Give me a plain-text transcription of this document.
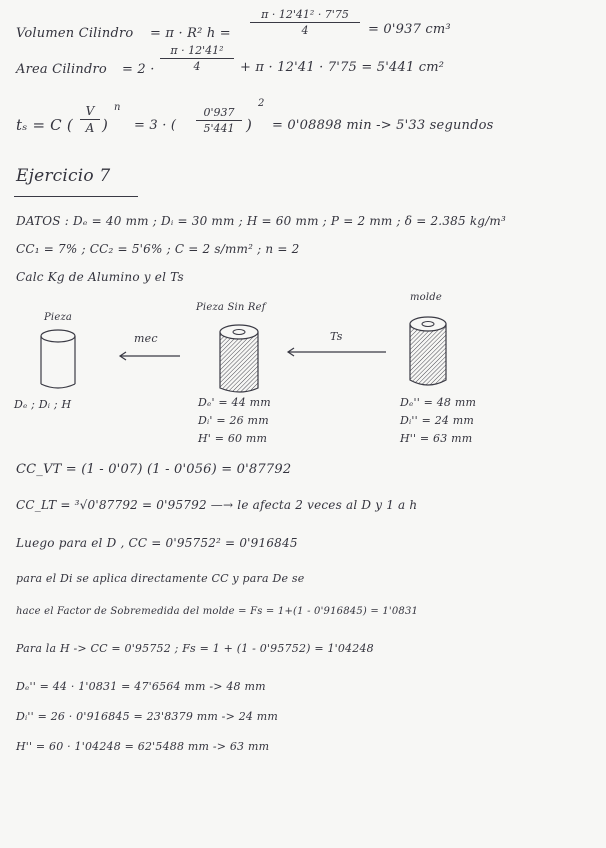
Volumen Cilindro = π · R² h =
π · 12'41² · 7'75
4	= 0'937 cm³
Area Cilindro = 2 ·
π · 12'41²
4	+ π · 12'41 · 7'75 = 5'441 cm²
tₛ = C (
V
A )
n
= 3 · (
0'937
5'441 )
2
= 0'08898 min -> 5'33 segundos
Ejercicio 7
DATOS : Dₑ = 40 mm ; Dᵢ = 30 mm ; H = 60 mm ; P = 2 mm ; δ = 2.385 kg/m³
CC₁ = 7% ; CC₂ = 5'6% ; C = 2 s/mm² ; n = 2
Calc Kg de Alumino y el Ts
Pieza
Pieza Sin Ref
molde
mec	Ts
Dₑ ; Dᵢ ; H	Dₑ' = 44 mm
Dᵢ' = 26 mm
H' = 60 mm
Dₑ'' = 48 mm
Dᵢ'' = 24 mm
H'' = 63 mm
CC_VT = (1 - 0'07) (1 - 0'056) = 0'87792
CC_LT = ³√0'87792 = 0'95792 —→ le afecta 2 veces al D y 1 a h
Luego para el D , CC = 0'95752² = 0'916845
para el Di se aplica directamente CC y para De se
hace el Factor de Sobremedida del molde = Fs = 1+(1 - 0'916845) = 1'0831
Para la H -> CC = 0'95752 ; Fs = 1 + (1 - 0'95752) = 1'04248
Dₑ'' = 44 · 1'0831 = 47'6564 mm -> 48 mm
Dᵢ'' = 26 · 0'916845 = 23'8379 mm -> 24 mm
H'' = 60 · 1'04248 = 62'5488 mm -> 63 mm
